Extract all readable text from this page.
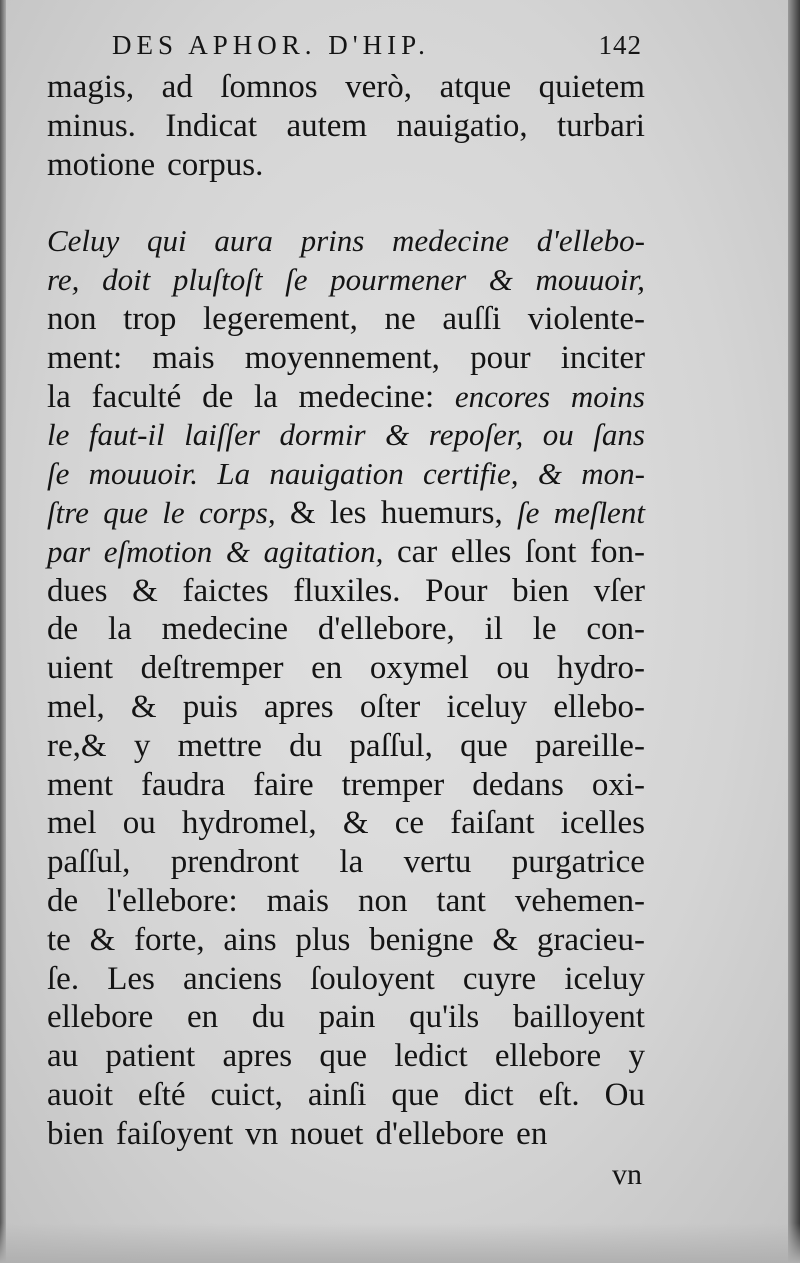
DES APHOR. D'HIP.	142
magis, ad ſomnos verò, atque quietem
minus. Indicat autem nauigatio, turbari
motione corpus.
Celuy qui aura prins medecine d'ellebo-
re, doit pluſtoſt ſe pourmener & mouuoir,
non trop legerement, ne auſſi violente-
ment: mais moyennement, pour inciter
la faculté de la medecine: encores moins
le faut-il laiſſer dormir & repoſer, ou ſans
ſe mouuoir. La nauigation certifie, & mon-
ſtre que le corps, & les huemurs, ſe meſlent
par eſmotion & agitation, car elles ſont fon-
dues & faictes fluxiles. Pour bien vſer
de la medecine d'ellebore, il le con-
uient deſtremper en oxymel ou hydro-
mel, & puis apres oſter iceluy ellebo-
re,& y mettre du paſſul, que pareille-
ment faudra faire tremper dedans oxi-
mel ou hydromel, & ce faiſant icelles
paſſul, prendront la vertu purgatrice
de l'ellebore: mais non tant vehemen-
te & forte, ains plus benigne & gracieu-
ſe. Les anciens ſouloyent cuyre iceluy
ellebore en du pain qu'ils bailloyent
au patient apres que ledict ellebore y
auoit eſté cuict, ainſi que dict eſt. Ou
bien faiſoyent vn nouet d'ellebore en
vn
